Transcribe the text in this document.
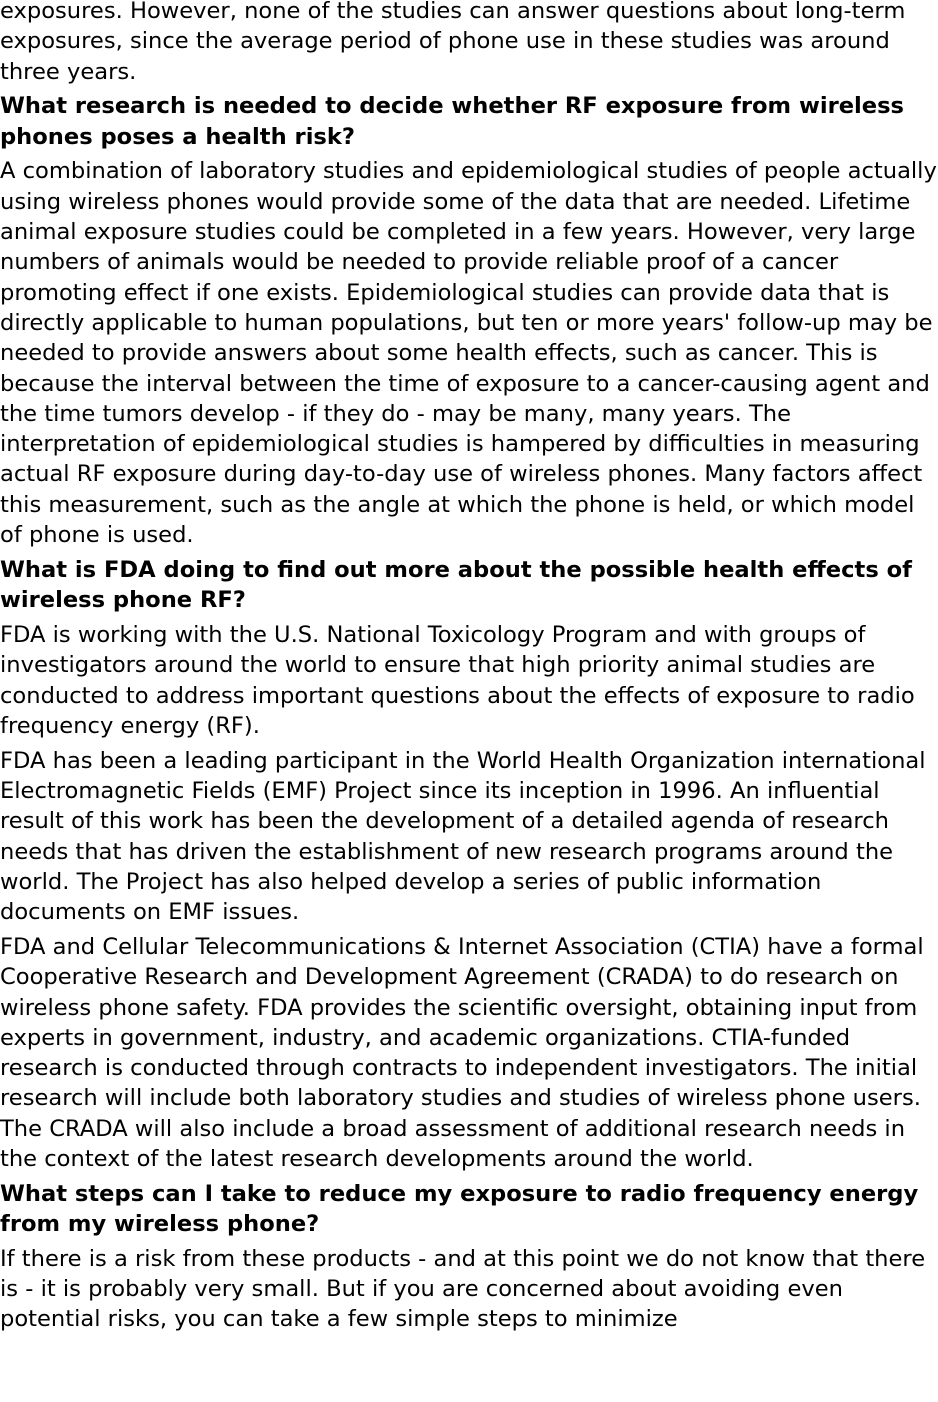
exposures. However, none of the studies can answer questions about long-term exposures, since the average period of phone use in these studies was around three years.

What research is needed to decide whether RF exposure from wireless phones poses a health risk?

A combination of laboratory studies and epidemiological studies of people actually using wireless phones would provide some of the data that are needed. Lifetime animal exposure studies could be completed in a few years. However, very large numbers of animals would be needed to provide reliable proof of a cancer promoting effect if one exists. Epidemiological studies can provide data that is directly applicable to human populations, but ten or more years' follow-up may be needed to provide answers about some health effects, such as cancer. This is because the interval between the time of exposure to a cancer-causing agent and the time tumors develop - if they do - may be many, many years. The interpretation of epidemiological studies is hampered by difficulties in measuring actual RF exposure during day-to-day use of wireless phones. Many factors affect this measurement, such as the angle at which the phone is held, or which model of phone is used.

What is FDA doing to find out more about the possible health effects of wireless phone RF?

FDA is working with the U.S. National Toxicology Program and with groups of investigators around the world to ensure that high priority animal studies are conducted to address important questions about the effects of exposure to radio frequency energy (RF).

FDA has been a leading participant in the World Health Organization international Electromagnetic Fields (EMF) Project since its inception in 1996. An influential result of this work has been the development of a detailed agenda of research needs that has driven the establishment of new research programs around the world. The Project has also helped develop a series of public information documents on EMF issues.

FDA and Cellular Telecommunications & Internet Association (CTIA) have a formal Cooperative Research and Development Agreement (CRADA) to do research on wireless phone safety. FDA provides the scientific oversight, obtaining input from experts in government, industry, and academic organizations. CTIA-funded research is conducted through contracts to independent investigators. The initial research will include both laboratory studies and studies of wireless phone users. The CRADA will also include a broad assessment of additional research needs in the context of the latest research developments around the world.

What steps can I take to reduce my exposure to radio frequency energy from my wireless phone?

If there is a risk from these products - and at this point we do not know that there is - it is probably very small. But if you are concerned about avoiding even potential risks, you can take a few simple steps to minimize
